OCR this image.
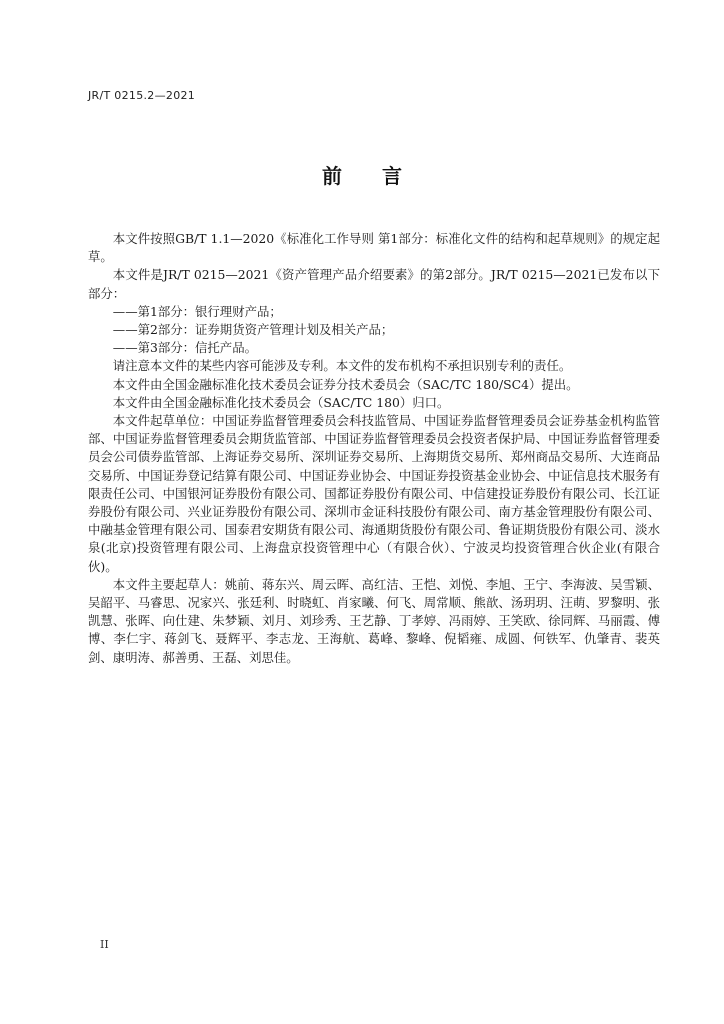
JR/T 0215.2—2021
前言

本文件按照GB/T 1.1—2020《标准化工作导则 第1部分：标准化文件的结构和起草规则》的规定起草。

本文件是JR/T 0215—2021《资产管理产品介绍要素》的第2部分。JR/T 0215—2021已发布以下部分：

——第1部分：银行理财产品；

——第2部分：证券期货资产管理计划及相关产品；

——第3部分：信托产品。

请注意本文件的某些内容可能涉及专利。本文件的发布机构不承担识别专利的责任。

本文件由全国金融标准化技术委员会证券分技术委员会（SAC/TC 180/SC4）提出。

本文件由全国金融标准化技术委员会（SAC/TC 180）归口。

本文件起草单位：中国证券监督管理委员会科技监管局、中国证券监督管理委员会证券基金机构监管部、中国证券监督管理委员会期货监管部、中国证券监督管理委员会投资者保护局、中国证券监督管理委员会公司债券监管部、上海证券交易所、深圳证券交易所、上海期货交易所、郑州商品交易所、大连商品交易所、中国证券登记结算有限公司、中国证券业协会、中国证券投资基金业协会、中证信息技术服务有限责任公司、中国银河证券股份有限公司、国都证券股份有限公司、中信建投证券股份有限公司、长江证券股份有限公司、兴业证券股份有限公司、深圳市金证科技股份有限公司、南方基金管理股份有限公司、中融基金管理有限公司、国泰君安期货有限公司、海通期货股份有限公司、鲁证期货股份有限公司、淡水泉(北京)投资管理有限公司、上海盘京投资管理中心（有限合伙）、宁波灵均投资管理合伙企业(有限合伙)。

本文件主要起草人：姚前、蒋东兴、周云晖、高红洁、王恺、刘悦、李旭、王宁、李海波、吴雪颖、吴韶平、马睿思、况家兴、张廷利、时晓虹、肖家曦、何飞、周常顺、熊歆、汤玥玥、汪萌、罗黎明、张凯慧、张晖、向仕建、朱梦颖、刘月、刘珍秀、王艺静、丁孝婷、冯雨婷、王笑欧、徐同辉、马丽霞、傅博、李仁宇、蒋剑飞、聂辉平、李志龙、王海航、葛峰、黎峰、倪韬雍、成圆、何铁军、仇肇青、裴英剑、康明涛、郝善勇、王磊、刘思佳。

II
